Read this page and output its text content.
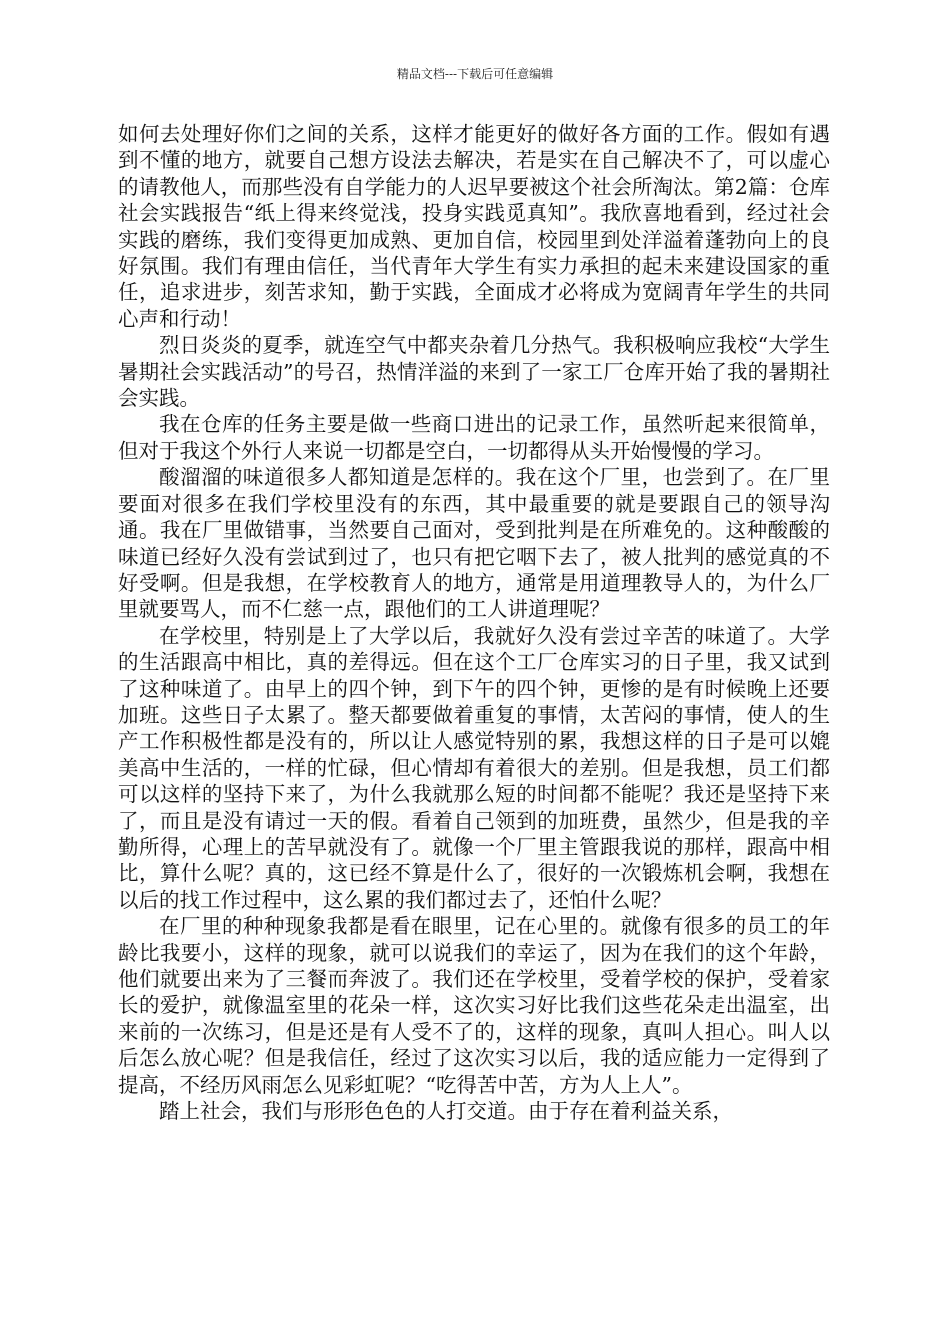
精品文档---下载后可任意编辑

如何去处理好你们之间的关系，这样才能更好的做好各方面的工作。假如有遇到不懂的地方，就要自己想方设法去解决，若是实在自己解决不了，可以虚心的请教他人，而那些没有自学能力的人迟早要被这个社会所淘汰。第2篇：仓库社会实践报告“纸上得来终觉浅，投身实践觅真知”。我欣喜地看到，经过社会实践的磨练，我们变得更加成熟、更加自信，校园里到处洋溢着蓬勃向上的良好氛围。我们有理由信任，当代青年大学生有实力承担的起未来建设国家的重任，追求进步，刻苦求知，勤于实践，全面成才必将成为宽阔青年学生的共同心声和行动！

烈日炎炎的夏季，就连空气中都夹杂着几分热气。我积极响应我校“大学生暑期社会实践活动”的号召，热情洋溢的来到了一家工厂仓库开始了我的暑期社会实践。

我在仓库的任务主要是做一些商口进出的记录工作，虽然听起来很简单，但对于我这个外行人来说一切都是空白，一切都得从头开始慢慢的学习。

酸溜溜的味道很多人都知道是怎样的。我在这个厂里，也尝到了。在厂里要面对很多在我们学校里没有的东西，其中最重要的就是要跟自己的领导沟通。我在厂里做错事，当然要自己面对，受到批判是在所难免的。这种酸酸的味道已经好久没有尝试到过了，也只有把它咽下去了，被人批判的感觉真的不好受啊。但是我想，在学校教育人的地方，通常是用道理教导人的，为什么厂里就要骂人，而不仁慈一点，跟他们的工人讲道理呢？

在学校里，特别是上了大学以后，我就好久没有尝过辛苦的味道了。大学的生活跟高中相比，真的差得远。但在这个工厂仓库实习的日子里，我又试到了这种味道了。由早上的四个钟，到下午的四个钟，更惨的是有时候晚上还要加班。这些日子太累了。整天都要做着重复的事情，太苦闷的事情，使人的生产工作积极性都是没有的，所以让人感觉特别的累，我想这样的日子是可以媲美高中生活的，一样的忙碌，但心情却有着很大的差别。但是我想，员工们都可以这样的坚持下来了，为什么我就那么短的时间都不能呢？我还是坚持下来了，而且是没有请过一天的假。看着自己领到的加班费，虽然少，但是我的辛勤所得，心理上的苦早就没有了。就像一个厂里主管跟我说的那样，跟高中相比，算什么呢？真的，这已经不算是什么了，很好的一次锻炼机会啊，我想在以后的找工作过程中，这么累的我们都过去了，还怕什么呢？

在厂里的种种现象我都是看在眼里，记在心里的。就像有很多的员工的年龄比我要小，这样的现象，就可以说我们的幸运了，因为在我们的这个年龄，他们就要出来为了三餐而奔波了。我们还在学校里，受着学校的保护，受着家长的爱护，就像温室里的花朵一样，这次实习好比我们这些花朵走出温室，出来前的一次练习，但是还是有人受不了的，这样的现象，真叫人担心。叫人以后怎么放心呢？但是我信任，经过了这次实习以后，我的适应能力一定得到了提高，不经历风雨怎么见彩虹呢？“吃得苦中苦，方为人上人”。

踏上社会，我们与形形色色的人打交道。由于存在着利益关系，
